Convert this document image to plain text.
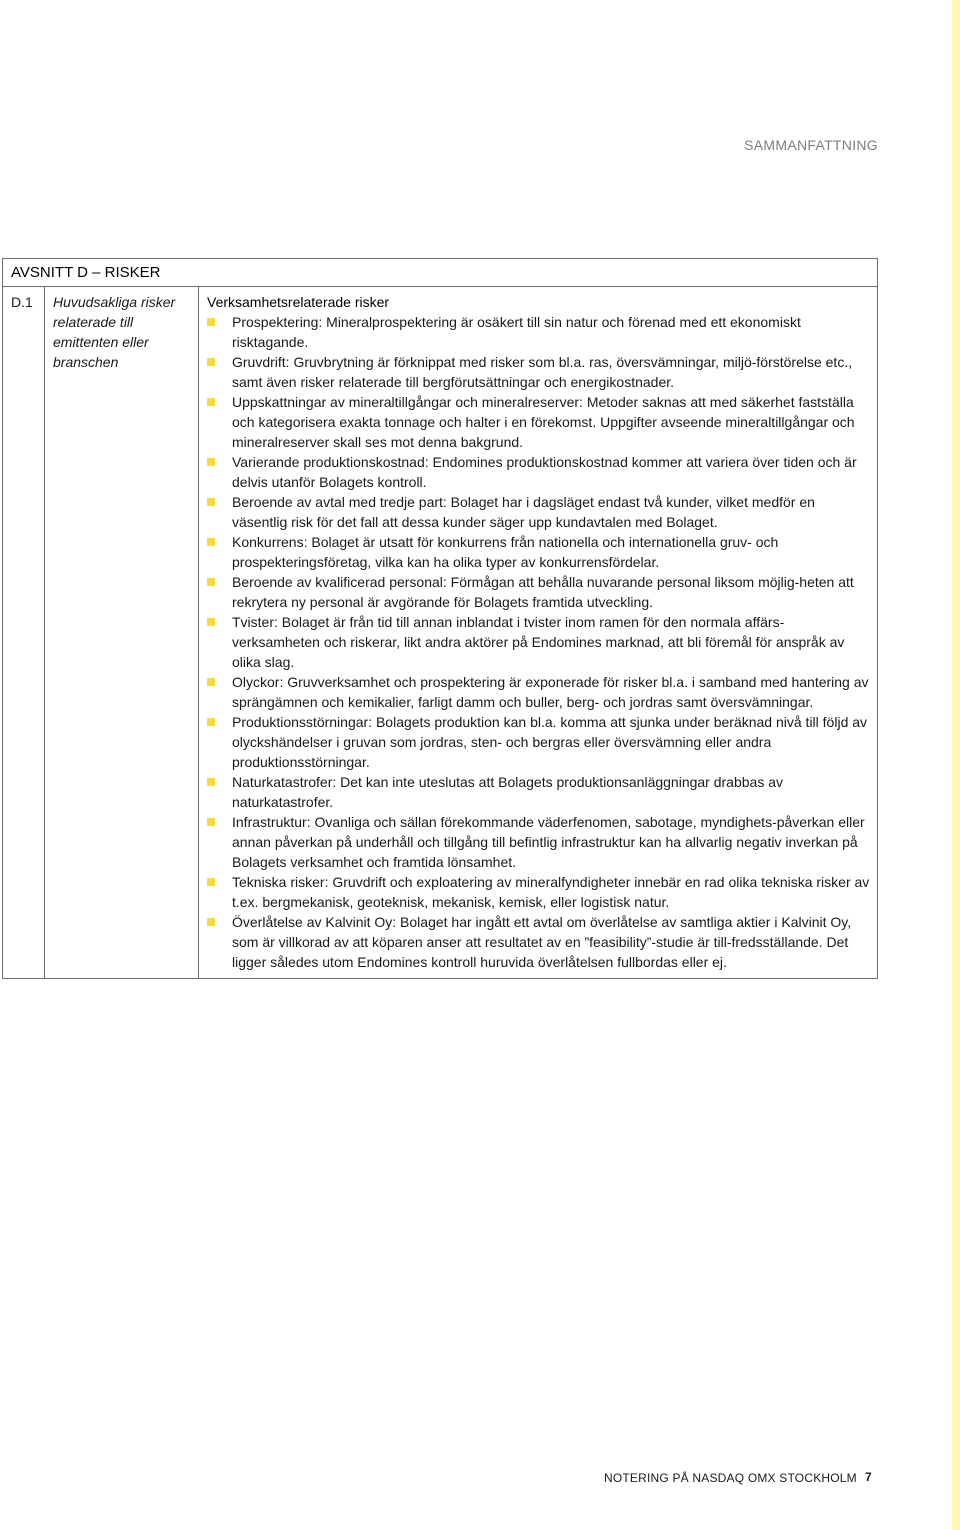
SAMMANFATTNING
AVSNITT D – RISKER
D.1	Huvudsakliga risker relaterade till emittenten eller branschen
Verksamhetsrelaterade risker
Prospektering: Mineralprospektering är osäkert till sin natur och förenad med ett ekonomiskt risktagande.
Gruvdrift: Gruvbrytning är förknippat med risker som bl.a. ras, översvämningar, miljö-förstörelse etc., samt även risker relaterade till bergförutsättningar och energikostnader.
Uppskattningar av mineraltillgångar och mineralreserver: Metoder saknas att med säkerhet fastställa och kategorisera exakta tonnage och halter i en förekomst. Uppgifter avseende mineraltillgångar och mineralreserver skall ses mot denna bakgrund.
Varierande produktionskostnad: Endomines produktionskostnad kommer att variera över tiden och är delvis utanför Bolagets kontroll.
Beroende av avtal med tredje part: Bolaget har i dagsläget endast två kunder, vilket medför en väsentlig risk för det fall att dessa kunder säger upp kundavtalen med Bolaget.
Konkurrens: Bolaget är utsatt för konkurrens från nationella och internationella gruv- och prospekteringsföretag, vilka kan ha olika typer av konkurrensfördelar.
Beroende av kvalificerad personal: Förmågan att behålla nuvarande personal liksom möjlig-heten att rekrytera ny personal är avgörande för Bolagets framtida utveckling.
Tvister: Bolaget är från tid till annan inblandat i tvister inom ramen för den normala affärs-verksamheten och riskerar, likt andra aktörer på Endomines marknad, att bli föremål för anspråk av olika slag.
Olyckor: Gruvverksamhet och prospektering är exponerade för risker bl.a. i samband med hantering av sprängämnen och kemikalier, farligt damm och buller, berg- och jordras samt översvämningar.
Produktionsstörningar: Bolagets produktion kan bl.a. komma att sjunka under beräknad nivå till följd av olyckshändelser i gruvan som jordras, sten- och bergras eller översvämning eller andra produktionsstörningar.
Naturkatastrofer: Det kan inte uteslutas att Bolagets produktionsanläggningar drabbas av naturkatastrofer.
Infrastruktur: Ovanliga och sällan förekommande väderfenomen, sabotage, myndighets-påverkan eller annan påverkan på underhåll och tillgång till befintlig infrastruktur kan ha allvarlig negativ inverkan på Bolagets verksamhet och framtida lönsamhet.
Tekniska risker: Gruvdrift och exploatering av mineralfyndigheter innebär en rad olika tekniska risker av t.ex. bergmekanisk, geoteknisk, mekanisk, kemisk, eller logistisk natur.
Överlåtelse av Kalvinit Oy: Bolaget har ingått ett avtal om överlåtelse av samtliga aktier i Kalvinit Oy, som är villkorad av att köparen anser att resultatet av en ”feasibility”-studie är till-fredsställande. Det ligger således utom Endomines kontroll huruvida överlåtelsen fullbordas eller ej.
NOTERING PÅ NASDAQ OMX STOCKHOLM 7
